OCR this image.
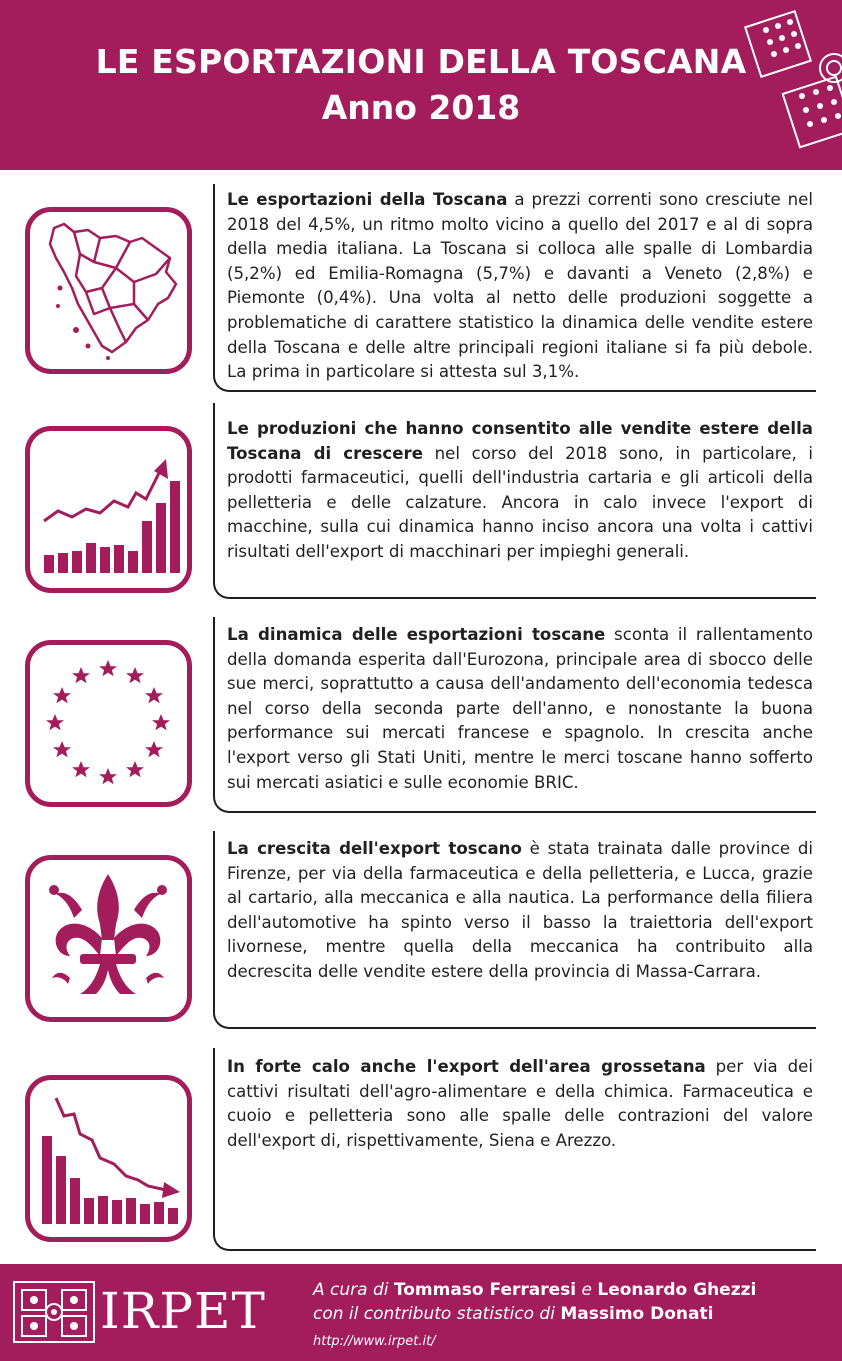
LE ESPORTAZIONI DELLA TOSCANA
Anno 2018
Le esportazioni della Toscana a prezzi correnti sono cresciute nel 2018 del 4,5%, un ritmo molto vicino a quello del 2017 e al di sopra della media italiana. La Toscana si colloca alle spalle di Lombardia (5,2%) ed Emilia-Romagna (5,7%) e davanti a Veneto (2,8%) e Piemonte (0,4%). Una volta al netto delle produzioni soggette a problematiche di carattere statistico la dinamica delle vendite estere della Toscana e delle altre principali regioni italiane si fa più debole. La prima in particolare si attesta sul 3,1%.
Le produzioni che hanno consentito alle vendite estere della Toscana di crescere nel corso del 2018 sono, in particolare, i prodotti farmaceutici, quelli dell'industria cartaria e gli articoli della pelletteria e delle calzature. Ancora in calo invece l'export di macchine, sulla cui dinamica hanno inciso ancora una volta i cattivi risultati dell'export di macchinari per impieghi generali.
La dinamica delle esportazioni toscane sconta il rallentamento della domanda esperita dall'Eurozona, principale area di sbocco delle sue merci, soprattutto a causa dell'andamento dell'economia tedesca nel corso della seconda parte dell'anno, e nonostante la buona performance sui mercati francese e spagnolo. In crescita anche l'export verso gli Stati Uniti, mentre le merci toscane hanno sofferto sui mercati asiatici e sulle economie BRIC.
La crescita dell'export toscano è stata trainata dalle province di Firenze, per via della farmaceutica e della pelletteria, e Lucca, grazie al cartario, alla meccanica e alla nautica. La performance della filiera dell'automotive ha spinto verso il basso la traiettoria dell'export livornese, mentre quella della meccanica ha contribuito alla decrescita delle vendite estere della provincia di Massa-Carrara.
In forte calo anche l'export dell'area grossetana per via dei cattivi risultati dell'agro-alimentare e della chimica. Farmaceutica e cuoio e pelletteria sono alle spalle delle contrazioni del valore dell'export di, rispettivamente, Siena e Arezzo.
IRPET	A cura di Tommaso Ferraresi e Leonardo Ghezzi
con il contributo statistico di Massimo Donati
http://www.irpet.it/
